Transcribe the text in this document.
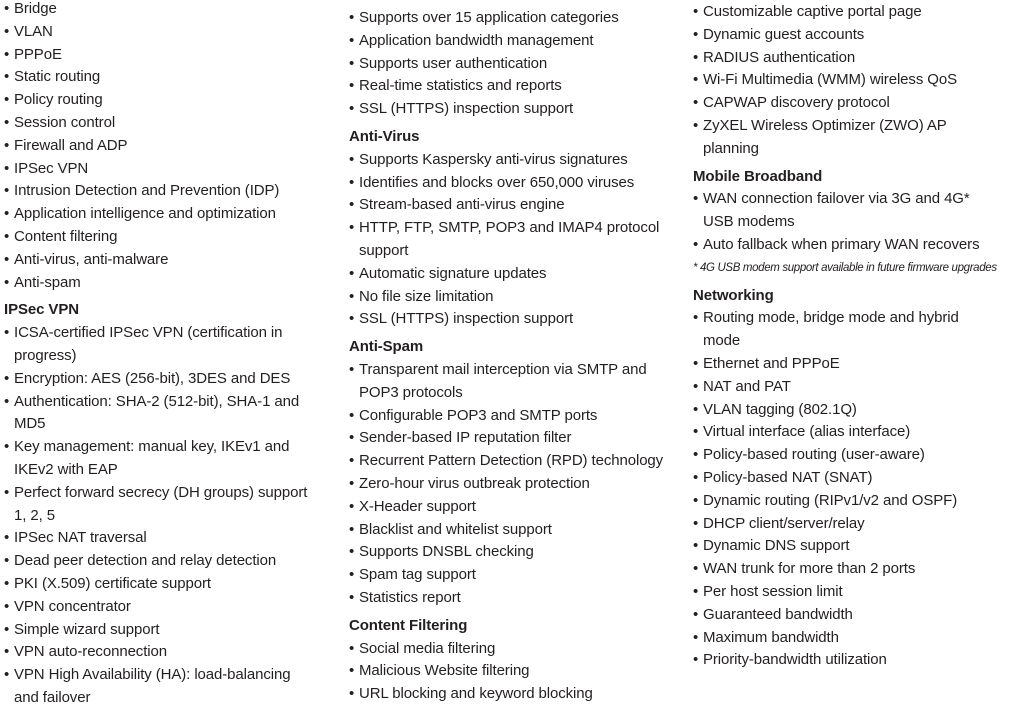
• Bridge
• VLAN
• PPPoE
• Static routing
• Policy routing
• Session control
• Firewall and ADP
• IPSec VPN
• Intrusion Detection and Prevention (IDP)
• Application intelligence and optimization
• Content filtering
• Anti-virus, anti-malware
• Anti-spam
IPSec VPN
• ICSA-certified IPSec VPN (certification in progress)
• Encryption: AES (256-bit), 3DES and DES
• Authentication: SHA-2 (512-bit), SHA-1 and MD5
• Key management: manual key, IKEv1 and IKEv2 with EAP
• Perfect forward secrecy (DH groups) support 1, 2, 5
• IPSec NAT traversal
• Dead peer detection and relay detection
• PKI (X.509) certificate support
• VPN concentrator
• Simple wizard support
• VPN auto-reconnection
• VPN High Availability (HA): load-balancing and failover
• Supports over 15 application categories
• Application bandwidth management
• Supports user authentication
• Real-time statistics and reports
• SSL (HTTPS) inspection support
Anti-Virus
• Supports Kaspersky anti-virus signatures
• Identifies and blocks over 650,000 viruses
• Stream-based anti-virus engine
• HTTP, FTP, SMTP, POP3 and IMAP4 protocol support
• Automatic signature updates
• No file size limitation
• SSL (HTTPS) inspection support
Anti-Spam
• Transparent mail interception via SMTP and POP3 protocols
• Configurable POP3 and SMTP ports
• Sender-based IP reputation filter
• Recurrent Pattern Detection (RPD) technology
• Zero-hour virus outbreak protection
• X-Header support
• Blacklist and whitelist support
• Supports DNSBL checking
• Spam tag support
• Statistics report
Content Filtering
• Social media filtering
• Malicious Website filtering
• URL blocking and keyword blocking
• Customizable captive portal page
• Dynamic guest accounts
• RADIUS authentication
• Wi-Fi Multimedia (WMM) wireless QoS
• CAPWAP discovery protocol
• ZyXEL Wireless Optimizer (ZWO) AP planning
Mobile Broadband
• WAN connection failover via 3G and 4G* USB modems
• Auto fallback when primary WAN recovers

* 4G USB modem support available in future firmware upgrades

Networking
• Routing mode, bridge mode and hybrid mode
• Ethernet and PPPoE
• NAT and PAT
• VLAN tagging (802.1Q)
• Virtual interface (alias interface)
• Policy-based routing (user-aware)
• Policy-based NAT (SNAT)
• Dynamic routing (RIPv1/v2 and OSPF)
• DHCP client/server/relay
• Dynamic DNS support
• WAN trunk for more than 2 ports
• Per host session limit
• Guaranteed bandwidth
• Maximum bandwidth
• Priority-bandwidth utilization
